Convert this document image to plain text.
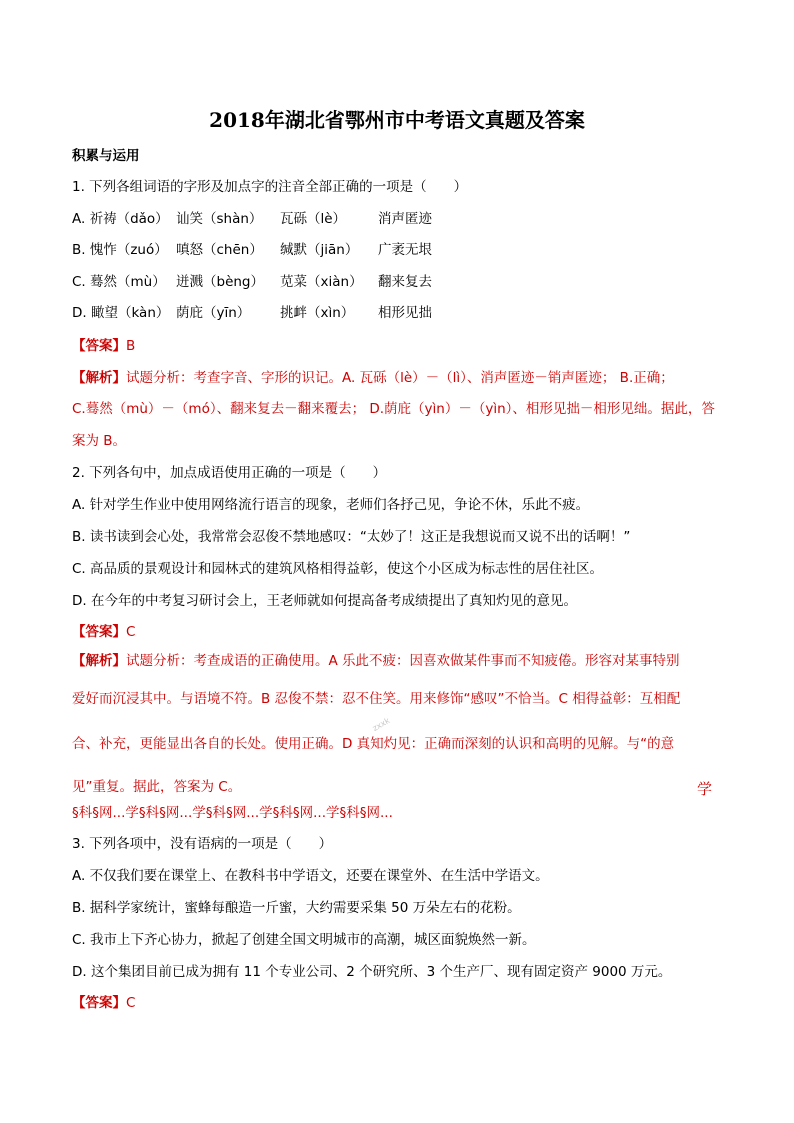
2018年湖北省鄂州市中考语文真题及答案
积累与运用
1. 下列各组词语的字形及加点字的注音全部正确的一项是（　　）
A. 祈祷（dǎo） 讪笑（shàn） 瓦砾（lè） 消声匿迹
B. 愧怍（zuó） 嗔怒（chēn） 缄默（jiān） 广袤无垠
C. 蓦然（mù） 迸溅（bèng） 苋菜（xiàn） 翻来复去
D. 瞰望（kàn） 荫庇（yīn） 挑衅（xìn） 相形见拙
【答案】B
【解析】试题分析：考查字音、字形的识记。A. 瓦砾（lè）－（lì）、消声匿迹－销声匿迹； B.正确；
C.蓦然（mù）－（mó）、翻来复去－翻来覆去； D.荫庇（yìn）－（yìn）、相形见拙－相形见绌。据此，答
案为 B。
2. 下列各句中，加点成语使用正确的一项是（　　）
A. 针对学生作业中使用网络流行语言的现象，老师们各抒己见，争论不休，乐此不疲。
B. 读书读到会心处，我常常会忍俊不禁地感叹：“太妙了！这正是我想说而又说不出的话啊！”
C. 高品质的景观设计和园林式的建筑风格相得益彰，使这个小区成为标志性的居住社区。
D. 在今年的中考复习研讨会上，王老师就如何提高备考成绩提出了真知灼见的意见。
【答案】C
【解析】试题分析：考查成语的正确使用。A 乐此不疲：因喜欢做某件事而不知疲倦。形容对某事特别
爱好而沉浸其中。与语境不符。B 忍俊不禁：忍不住笑。用来修饰“感叹”不恰当。C 相得益彰：互相配
合、补充，更能显出各自的长处。使用正确。D 真知灼见：正确而深刻的认识和高明的见解。与“的意
见”重复。据此，答案为 C。
zxxk
学
§科§网...学§科§网...学§科§网...学§科§网...学§科§网...
3. 下列各项中，没有语病的一项是（　　）
A. 不仅我们要在课堂上、在教科书中学语文，还要在课堂外、在生活中学语文。
B. 据科学家统计，蜜蜂每酿造一斤蜜，大约需要采集 50 万朵左右的花粉。
C. 我市上下齐心协力，掀起了创建全国文明城市的高潮，城区面貌焕然一新。
D. 这个集团目前已成为拥有 11 个专业公司、2 个研究所、3 个生产厂、现有固定资产 9000 万元。
【答案】C
